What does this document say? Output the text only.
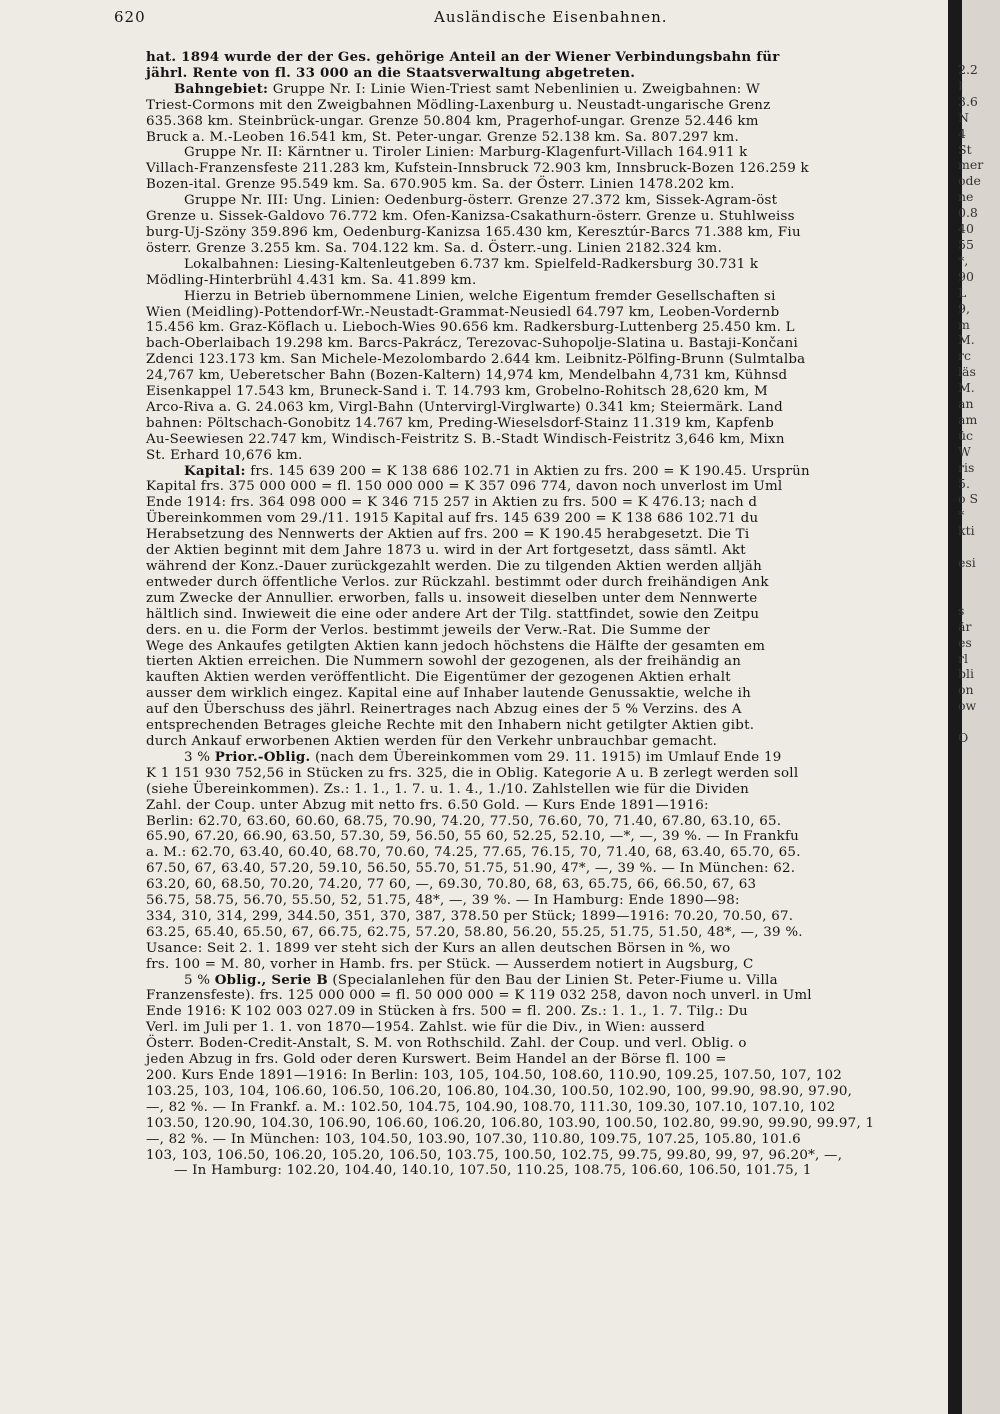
620	Ausländische Eisenbahnen.

hat. 1894 wurde der der Ges. gehörige Anteil an der Wiener Verbindungsbahn für

jährl. Rente von fl. 33 000 an die Staatsverwaltung abgetreten.

Bahngebiet: Gruppe Nr. I: Linie Wien-Triest samt Nebenlinien u. Zweigbahnen: W

Triest-Cormons mit den Zweigbahnen Mödling-Laxenburg u. Neustadt-ungarische Grenz

635.368 km. Steinbrück-ungar. Grenze 50.804 km, Pragerhof-ungar. Grenze 52.446 km

Bruck a. M.-Leoben 16.541 km, St. Peter-ungar. Grenze 52.138 km. Sa. 807.297 km.

Gruppe Nr. II: Kärntner u. Tiroler Linien: Marburg-Klagenfurt-Villach 164.911 k

Villach-Franzensfeste 211.283 km, Kufstein-Innsbruck 72.903 km, Innsbruck-Bozen 126.259 k

Bozen-ital. Grenze 95.549 km. Sa. 670.905 km. Sa. der Österr. Linien 1478.202 km.

Gruppe Nr. III: Ung. Linien: Oedenburg-österr. Grenze 27.372 km, Sissek-Agram-öst

Grenze u. Sissek-Galdovo 76.772 km. Ofen-Kanizsa-Csakathurn-österr. Grenze u. Stuhlweiss

burg-Uj-Szöny 359.896 km, Oedenburg-Kanizsa 165.430 km, Keresztúr-Barcs 71.388 km, Fiu

österr. Grenze 3.255 km. Sa. 704.122 km. Sa. d. Österr.-ung. Linien 2182.324 km.

Lokalbahnen: Liesing-Kaltenleutgeben 6.737 km. Spielfeld-Radkersburg 30.731 k

Mödling-Hinterbrühl 4.431 km. Sa. 41.899 km.

Hierzu in Betrieb übernommene Linien, welche Eigentum fremder Gesellschaften si

Wien (Meidling)-Pottendorf-Wr.-Neustadt-Grammat-Neusiedl 64.797 km, Leoben-Vordernb

15.456 km. Graz-Köflach u. Lieboch-Wies 90.656 km. Radkersburg-Luttenberg 25.450 km. L

bach-Oberlaibach 19.298 km. Barcs-Pakrácz, Terezovac-Suhopolje-Slatina u. Bastaji-Končani

Zdenci 123.173 km. San Michele-Mezolombardo 2.644 km. Leibnitz-Pölfing-Brunn (Sulmtalba

24,767 km, Ueberetscher Bahn (Bozen-Kaltern) 14,974 km, Mendelbahn 4,731 km, Kühnsd

Eisenkappel 17.543 km, Bruneck-Sand i. T. 14.793 km, Grobelno-Rohitsch 28,620 km, M

Arco-Riva a. G. 24.063 km, Virgl-Bahn (Untervirgl-Virglwarte) 0.341 km; Steiermärk. Land

bahnen: Pöltschach-Gonobitz 14.767 km, Preding-Wieselsdorf-Stainz 11.319 km, Kapfenb

Au-Seewiesen 22.747 km, Windisch-Feistritz S. B.-Stadt Windisch-Feistritz 3,646 km, Mixn

St. Erhard 10,676 km.

Kapital: frs. 145 639 200 = K 138 686 102.71 in Aktien zu frs. 200 = K 190.45. Ursprün

Kapital frs. 375 000 000 = fl. 150 000 000 = K 357 096 774, davon noch unverlost im Uml

Ende 1914: frs. 364 098 000 = K 346 715 257 in Aktien zu frs. 500 = K 476.13; nach d

Übereinkommen vom 29./11. 1915 Kapital auf frs. 145 639 200 = K 138 686 102.71 du

Herabsetzung des Nennwerts der Aktien auf frs. 200 = K 190.45 herabgesetzt. Die Ti

der Aktien beginnt mit dem Jahre 1873 u. wird in der Art fortgesetzt, dass sämtl. Akt

während der Konz.-Dauer zurückgezahlt werden. Die zu tilgenden Aktien werden alljäh

entweder durch öffentliche Verlos. zur Rückzahl. bestimmt oder durch freihändigen Ank

zum Zwecke der Annullier. erworben, falls u. insoweit dieselben unter dem Nennwerte

hältlich sind. Inwieweit die eine oder andere Art der Tilg. stattfindet, sowie den Zeitpu

ders. en u. die Form der Verlos. bestimmt jeweils der Verw.-Rat. Die Summe der

Wege des Ankaufes getilgten Aktien kann jedoch höchstens die Hälfte der gesamten em

tierten Aktien erreichen. Die Nummern sowohl der gezogenen, als der freihändig an

kauften Aktien werden veröffentlicht. Die Eigentümer der gezogenen Aktien erhalt

ausser dem wirklich eingez. Kapital eine auf Inhaber lautende Genussaktie, welche ih

auf den Überschuss des jährl. Reinertrages nach Abzug eines der 5 % Verzins. des A

entsprechenden Betrages gleiche Rechte mit den Inhabern nicht getilgter Aktien gibt.

durch Ankauf erworbenen Aktien werden für den Verkehr unbrauchbar gemacht.

3 % Prior.-Oblig. (nach dem Übereinkommen vom 29. 11. 1915) im Umlauf Ende 19

K 1 151 930 752,56 in Stücken zu frs. 325, die in Oblig. Kategorie A u. B zerlegt werden soll

(siehe Übereinkommen). Zs.: 1. 1., 1. 7. u. 1. 4., 1./10. Zahlstellen wie für die Dividen

Zahl. der Coup. unter Abzug mit netto frs. 6.50 Gold. — Kurs Ende 1891—1916:

Berlin: 62.70, 63.60, 60.60, 68.75, 70.90, 74.20, 77.50, 76.60, 70, 71.40, 67.80, 63.10, 65.

65.90, 67.20, 66.90, 63.50, 57.30, 59, 56.50, 55 60, 52.25, 52.10, —*, —, 39 %. — In Frankfu

a. M.: 62.70, 63.40, 60.40, 68.70, 70.60, 74.25, 77.65, 76.15, 70, 71.40, 68, 63.40, 65.70, 65.

67.50, 67, 63.40, 57.20, 59.10, 56.50, 55.70, 51.75, 51.90, 47*, —, 39 %. — In München: 62.

63.20, 60, 68.50, 70.20, 74.20, 77 60, —, 69.30, 70.80, 68, 63, 65.75, 66, 66.50, 67, 63

56.75, 58.75, 56.70, 55.50, 52, 51.75, 48*, —, 39 %. — In Hamburg: Ende 1890—98:

334, 310, 314, 299, 344.50, 351, 370, 387, 378.50 per Stück; 1899—1916: 70.20, 70.50, 67.

63.25, 65.40, 65.50, 67, 66.75, 62.75, 57.20, 58.80, 56.20, 55.25, 51.75, 51.50, 48*, —, 39 %.

Usance: Seit 2. 1. 1899 ver steht sich der Kurs an allen deutschen Börsen in %, wo

frs. 100 = M. 80, vorher in Hamb. frs. per Stück. — Ausserdem notiert in Augsburg, C

5 % Oblig., Serie B (Specialanlehen für den Bau der Linien St. Peter-Fiume u. Villa

Franzensfeste). frs. 125 000 000 = fl. 50 000 000 = K 119 032 258, davon noch unverl. in Uml

Ende 1916: K 102 003 027.09 in Stücken à frs. 500 = fl. 200. Zs.: 1. 1., 1. 7. Tilg.: Du

Verl. im Juli per 1. 1. von 1870—1954. Zahlst. wie für die Div., in Wien: ausserd

Österr. Boden-Credit-Anstalt, S. M. von Rothschild. Zahl. der Coup. und verl. Oblig. o

jeden Abzug in frs. Gold oder deren Kurswert. Beim Handel an der Börse fl. 100 =

200. Kurs Ende 1891—1916: In Berlin: 103, 105, 104.50, 108.60, 110.90, 109.25, 107.50, 107, 102

103.25, 103, 104, 106.60, 106.50, 106.20, 106.80, 104.30, 100.50, 102.90, 100, 99.90, 98.90, 97.90,

—, 82 %. — In Frankf. a. M.: 102.50, 104.75, 104.90, 108.70, 111.30, 109.30, 107.10, 107.10, 102

103.50, 120.90, 104.30, 106.90, 106.60, 106.20, 106.80, 103.90, 100.50, 102.80, 99.90, 99.90, 99.97, 1

—, 82 %. — In München: 103, 104.50, 103.90, 107.30, 110.80, 109.75, 107.25, 105.80, 101.6

103, 103, 106.50, 106.20, 105.20, 106.50, 103.75, 100.50, 102.75, 99.75, 99.80, 99, 97, 96.20*, —,

— In Hamburg: 102.20, 104.40, 140.10, 107.50, 110.25, 108.75, 106.60, 106.50, 101.75, 1

2.2
I
3.6
N
4
St
mer
ode
ne
0.8
40
55
*,
90
L
9,
m
M.
rc
läs
M.
an
am
üc
W
ris
5.
o S
*
kti

esi

s
är
es
rl
bli
on
ow

O
